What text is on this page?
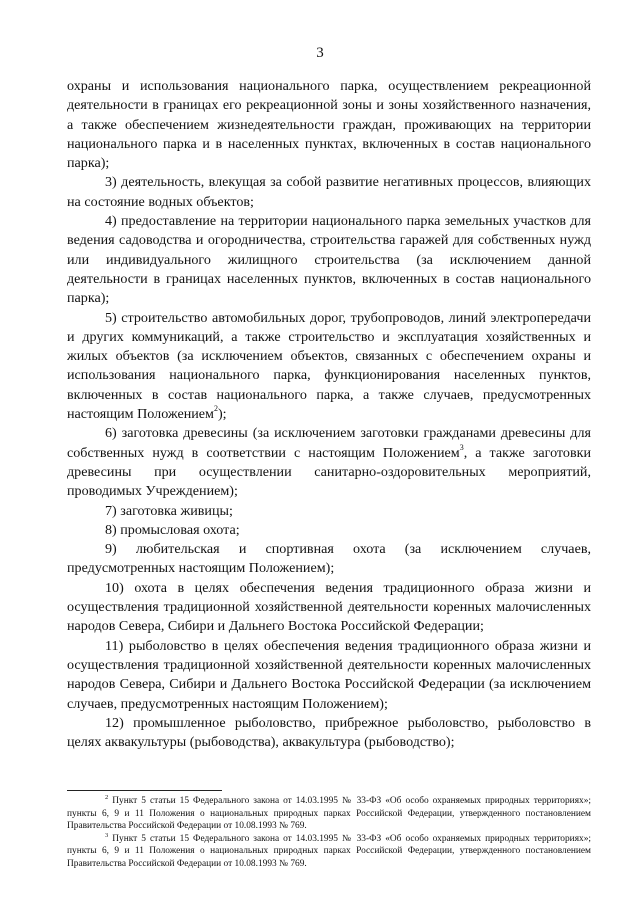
3

охраны и использования национального парка, осуществлением рекреационной деятельности в границах его рекреационной зоны и зоны хозяйственного назначения, а также обеспечением жизнедеятельности граждан, проживающих на территории национального парка и в населенных пунктах, включенных в состав национального парка);

3) деятельность, влекущая за собой развитие негативных процессов, влияющих на состояние водных объектов;

4) предоставление на территории национального парка земельных участков для ведения садоводства и огородничества, строительства гаражей для собственных нужд или индивидуального жилищного строительства (за исключением данной деятельности в границах населенных пунктов, включенных в состав национального парка);

5) строительство автомобильных дорог, трубопроводов, линий электропередачи и других коммуникаций, а также строительство и эксплуатация хозяйственных и жилых объектов (за исключением объектов, связанных с обеспечением охраны и использования национального парка, функционирования населенных пунктов, включенных в состав национального парка, а также случаев, предусмотренных настоящим Положением$^2$);

6) заготовка древесины (за исключением заготовки гражданами древесины для собственных нужд в соответствии с настоящим Положением$^3$, а также заготовки древесины при осуществлении санитарно-оздоровительных мероприятий, проводимых Учреждением);

7) заготовка живицы;

8) промысловая охота;

9) любительская и спортивная охота (за исключением случаев, предусмотренных настоящим Положением);

10) охота в целях обеспечения ведения традиционного образа жизни и осуществления традиционной хозяйственной деятельности коренных малочисленных народов Севера, Сибири и Дальнего Востока Российской Федерации;

11) рыболовство в целях обеспечения ведения традиционного образа жизни и осуществления традиционной хозяйственной деятельности коренных малочисленных народов Севера, Сибири и Дальнего Востока Российской Федерации (за исключением случаев, предусмотренных настоящим Положением);

12) промышленное рыболовство, прибрежное рыболовство, рыболовство в целях аквакультуры (рыбоводства), аквакультура (рыбоводство);

$^2$ Пункт 5 статьи 15 Федерального закона от 14.03.1995 № 33-ФЗ «Об особо охраняемых природных территориях»; пункты 6, 9 и 11 Положения о национальных природных парках Российской Федерации, утвержденного постановлением Правительства Российской Федерации от 10.08.1993 № 769.

$^3$ Пункт 5 статьи 15 Федерального закона от 14.03.1995 № 33-ФЗ «Об особо охраняемых природных территориях»; пункты 6, 9 и 11 Положения о национальных природных парках Российской Федерации, утвержденного постановлением Правительства Российской Федерации от 10.08.1993 № 769.
